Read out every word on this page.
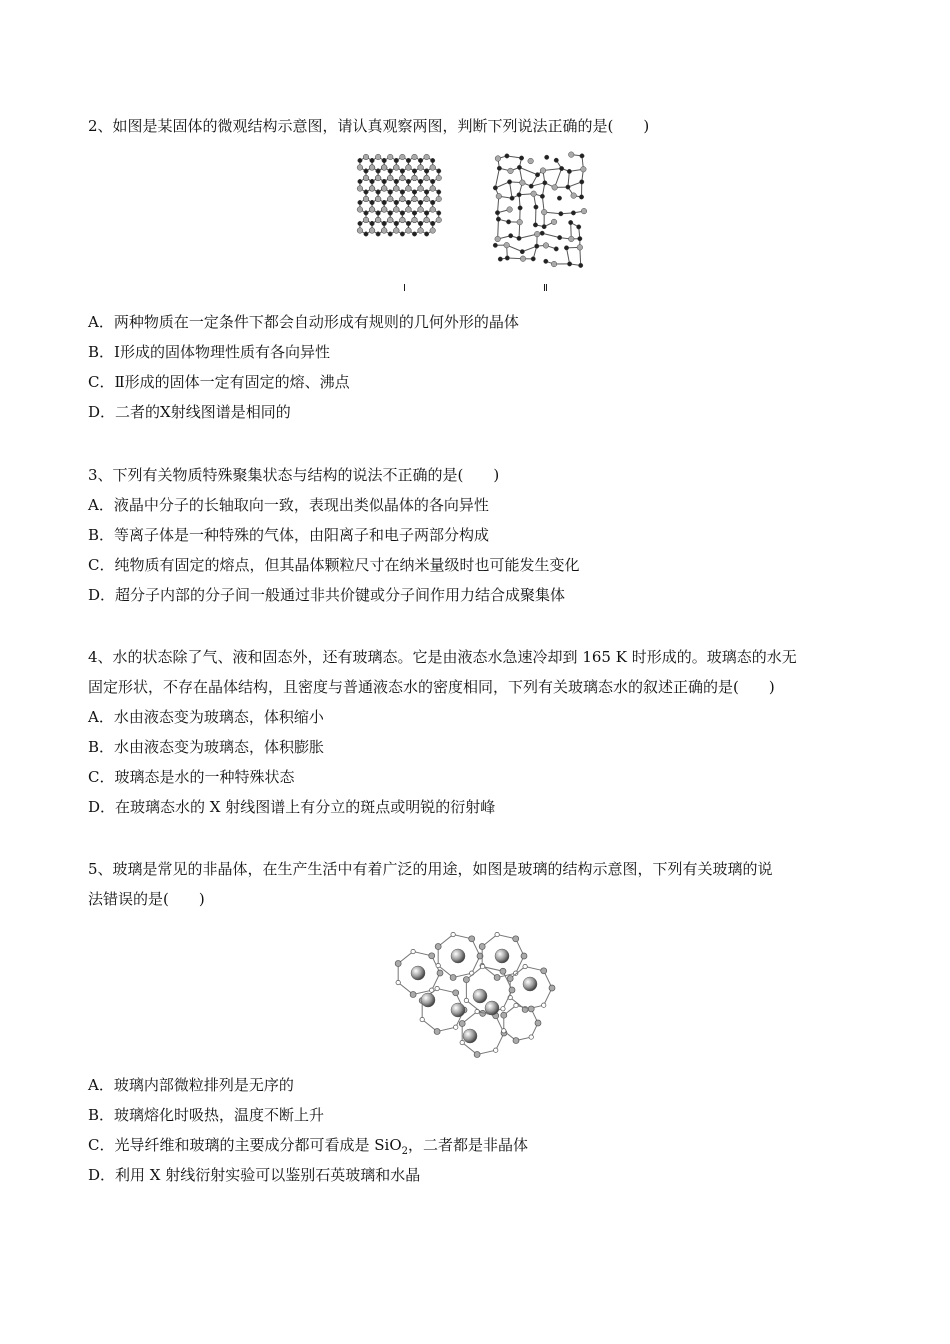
2、如图是某固体的微观结构示意图，请认真观察两图，判断下列说法正确的是(　　)
Ⅰ	Ⅱ
A．两种物质在一定条件下都会自动形成有规则的几何外形的晶体
B．Ⅰ形成的固体物理性质有各向异性
C．Ⅱ形成的固体一定有固定的熔、沸点
D．二者的X射线图谱是相同的
3、下列有关物质特殊聚集状态与结构的说法不正确的是(　　)
A．液晶中分子的长轴取向一致，表现出类似晶体的各向异性
B．等离子体是一种特殊的气体，由阳离子和电子两部分构成
C．纯物质有固定的熔点，但其晶体颗粒尺寸在纳米量级时也可能发生变化
D．超分子内部的分子间一般通过非共价键或分子间作用力结合成聚集体
4、水的状态除了气、液和固态外，还有玻璃态。它是由液态水急速冷却到 165 K 时形成的。玻璃态的水无
固定形状，不存在晶体结构，且密度与普通液态水的密度相同，下列有关玻璃态水的叙述正确的是(　　)
A．水由液态变为玻璃态，体积缩小
B．水由液态变为玻璃态，体积膨胀
C．玻璃态是水的一种特殊状态
D．在玻璃态水的 X 射线图谱上有分立的斑点或明锐的衍射峰
5、玻璃是常见的非晶体，在生产生活中有着广泛的用途，如图是玻璃的结构示意图，下列有关玻璃的说
法错误的是(　　)
A．玻璃内部微粒排列是无序的
B．玻璃熔化时吸热，温度不断上升
C．光导纤维和玻璃的主要成分都可看成是 SiO$_2$，二者都是非晶体
D．利用 X 射线衍射实验可以鉴别石英玻璃和水晶
